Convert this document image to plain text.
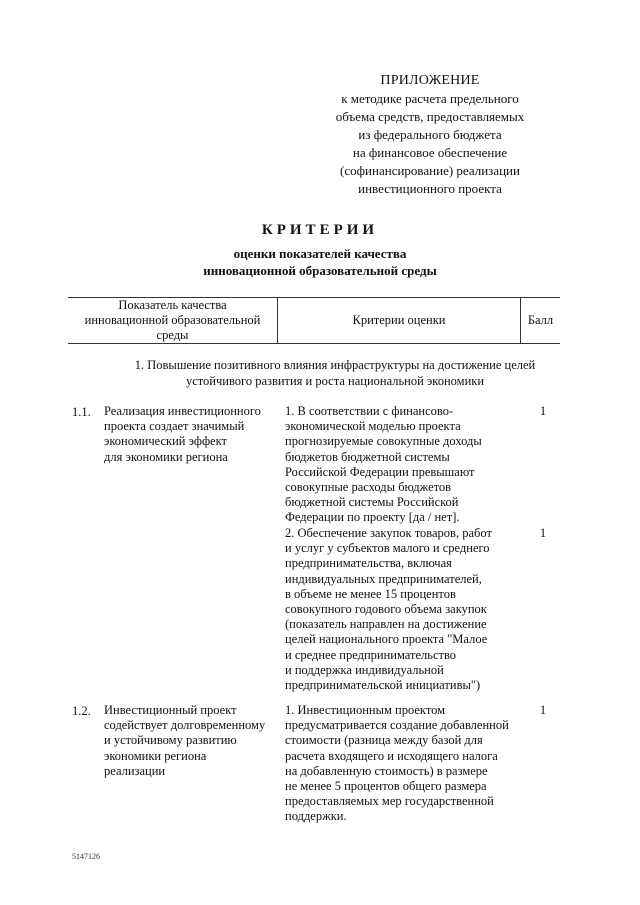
ПРИЛОЖЕНИЕ
к методике расчета предельного
объема средств, предоставляемых
из федерального бюджета
на финансовое обеспечение
(софинансирование) реализации
инвестиционного проекта
КРИТЕРИИ
оценки показателей качества
инновационной образовательной среды
Показатель качества
инновационной образовательной
среды
Критерии оценки	Балл
1. Повышение позитивного влияния инфраструктуры на достижение целей
устойчивого развития и роста национальной экономики
1.1. Реализация инвестиционного
проекта создает значимый
экономический эффект
для экономики региона
1. В соответствии с финансово-
экономической моделью проекта
прогнозируемые совокупные доходы
бюджетов бюджетной системы
Российской Федерации превышают
совокупные расходы бюджетов
бюджетной системы Российской
Федерации по проекту [да / нет].
1
2. Обеспечение закупок товаров, работ
и услуг у субъектов малого и среднего
предпринимательства, включая
индивидуальных предпринимателей,
в объеме не менее 15 процентов
совокупного годового объема закупок
(показатель направлен на достижение
целей национального проекта "Малое
и среднее предпринимательство
и поддержка индивидуальной
предпринимательской инициативы")
1
1.2. Инвестиционный проект
содействует долговременному
и устойчивому развитию
экономики региона
реализации
1. Инвестиционным проектом
предусматривается создание добавленной
стоимости (разница между базой для
расчета входящего и исходящего налога
на добавленную стоимость) в размере
не менее 5 процентов общего размера
предоставляемых мер государственной
поддержки.
1
5147126
